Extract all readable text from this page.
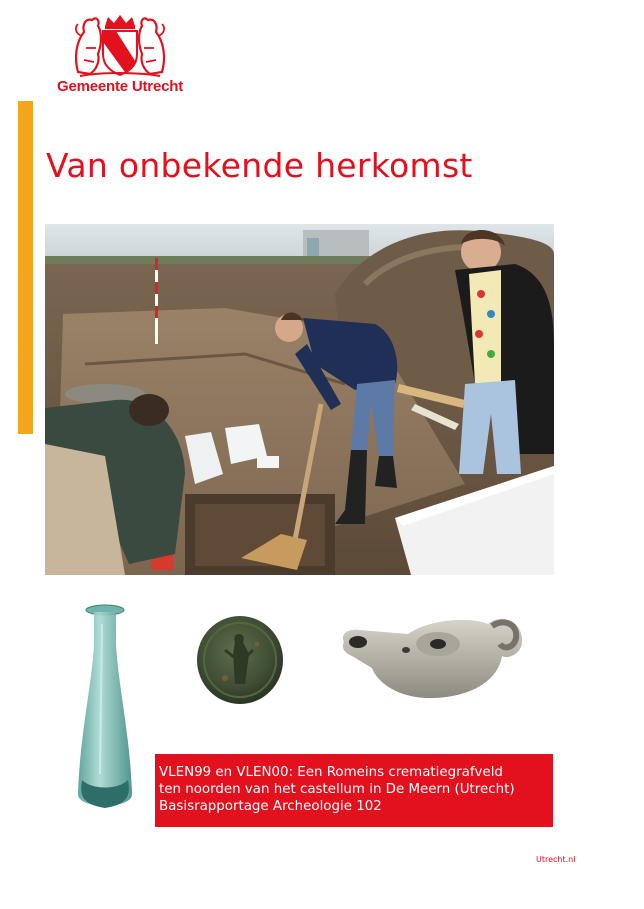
Gemeente Utrecht
Van onbekende herkomst
VLEN99 en VLEN00: Een Romeins crematiegrafveld
ten noorden van het castellum in De Meern (Utrecht)
Basisrapportage Archeologie 102
Utrecht.nl
